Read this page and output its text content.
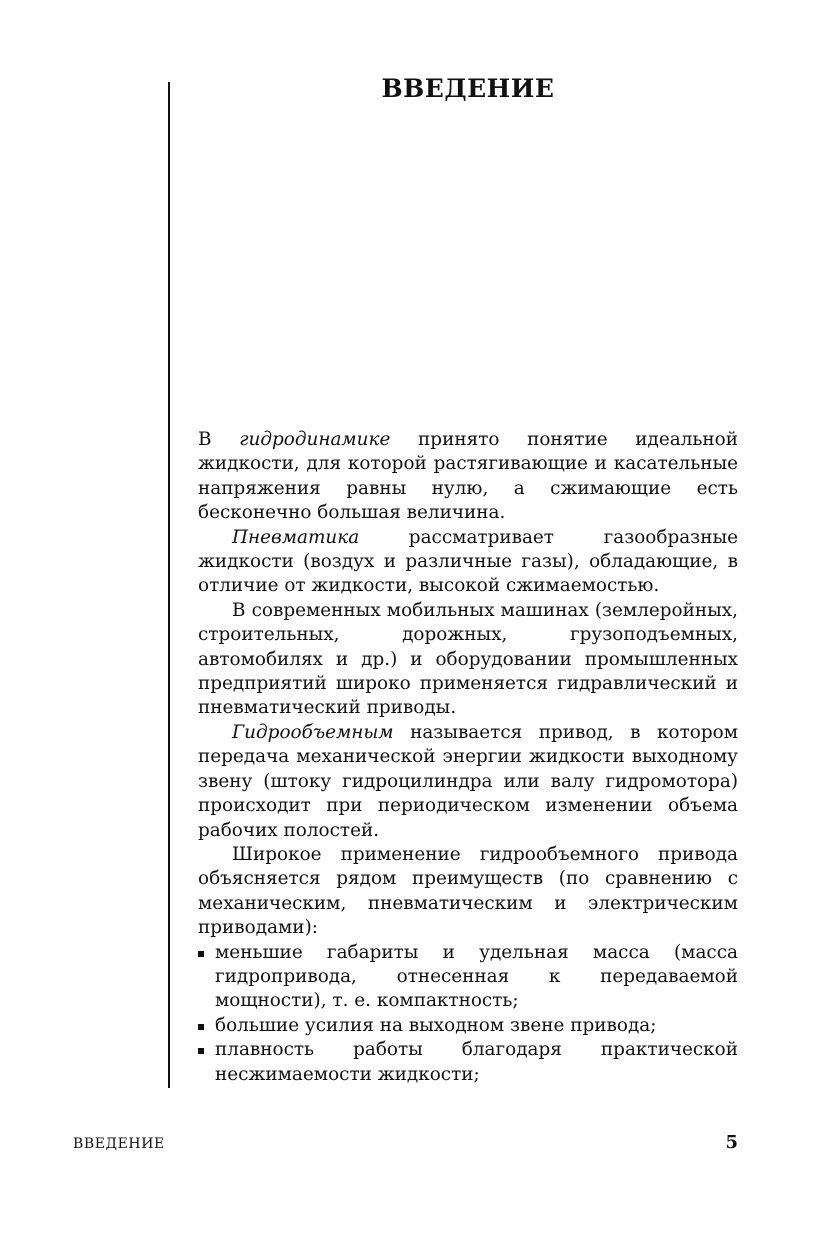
ВВЕДЕНИЕ

В гидродинамике принято понятие идеальной жидкости, для которой растягивающие и касательные напряжения равны нулю, а сжимающие есть бесконечно большая величина.

Пневматика рассматривает газообразные жидкости (воздух и различные газы), обладающие, в отличие от жидкости, высокой сжимаемостью.

В современных мобильных машинах (землеройных, строительных, дорожных, грузоподъемных, автомобилях и др.) и оборудовании промышленных предприятий широко применяется гидравлический и пневматический приводы.

Гидрообъемным называется привод, в котором передача механической энергии жидкости выходному звену (штоку гидроцилиндра или валу гидромотора) происходит при периодическом изменении объема рабочих полостей.

Широкое применение гидрообъемного привода объясняется рядом преимуществ (по сравнению с механическим, пневматическим и электрическим приводами):

меньшие габариты и удельная масса (масса гидропривода, отнесенная к передаваемой мощности), т. е. компактность;
большие усилия на выходном звене привода;
плавность работы благодаря практической несжимаемости жидкости;
ВВЕДЕНИЕ	5
